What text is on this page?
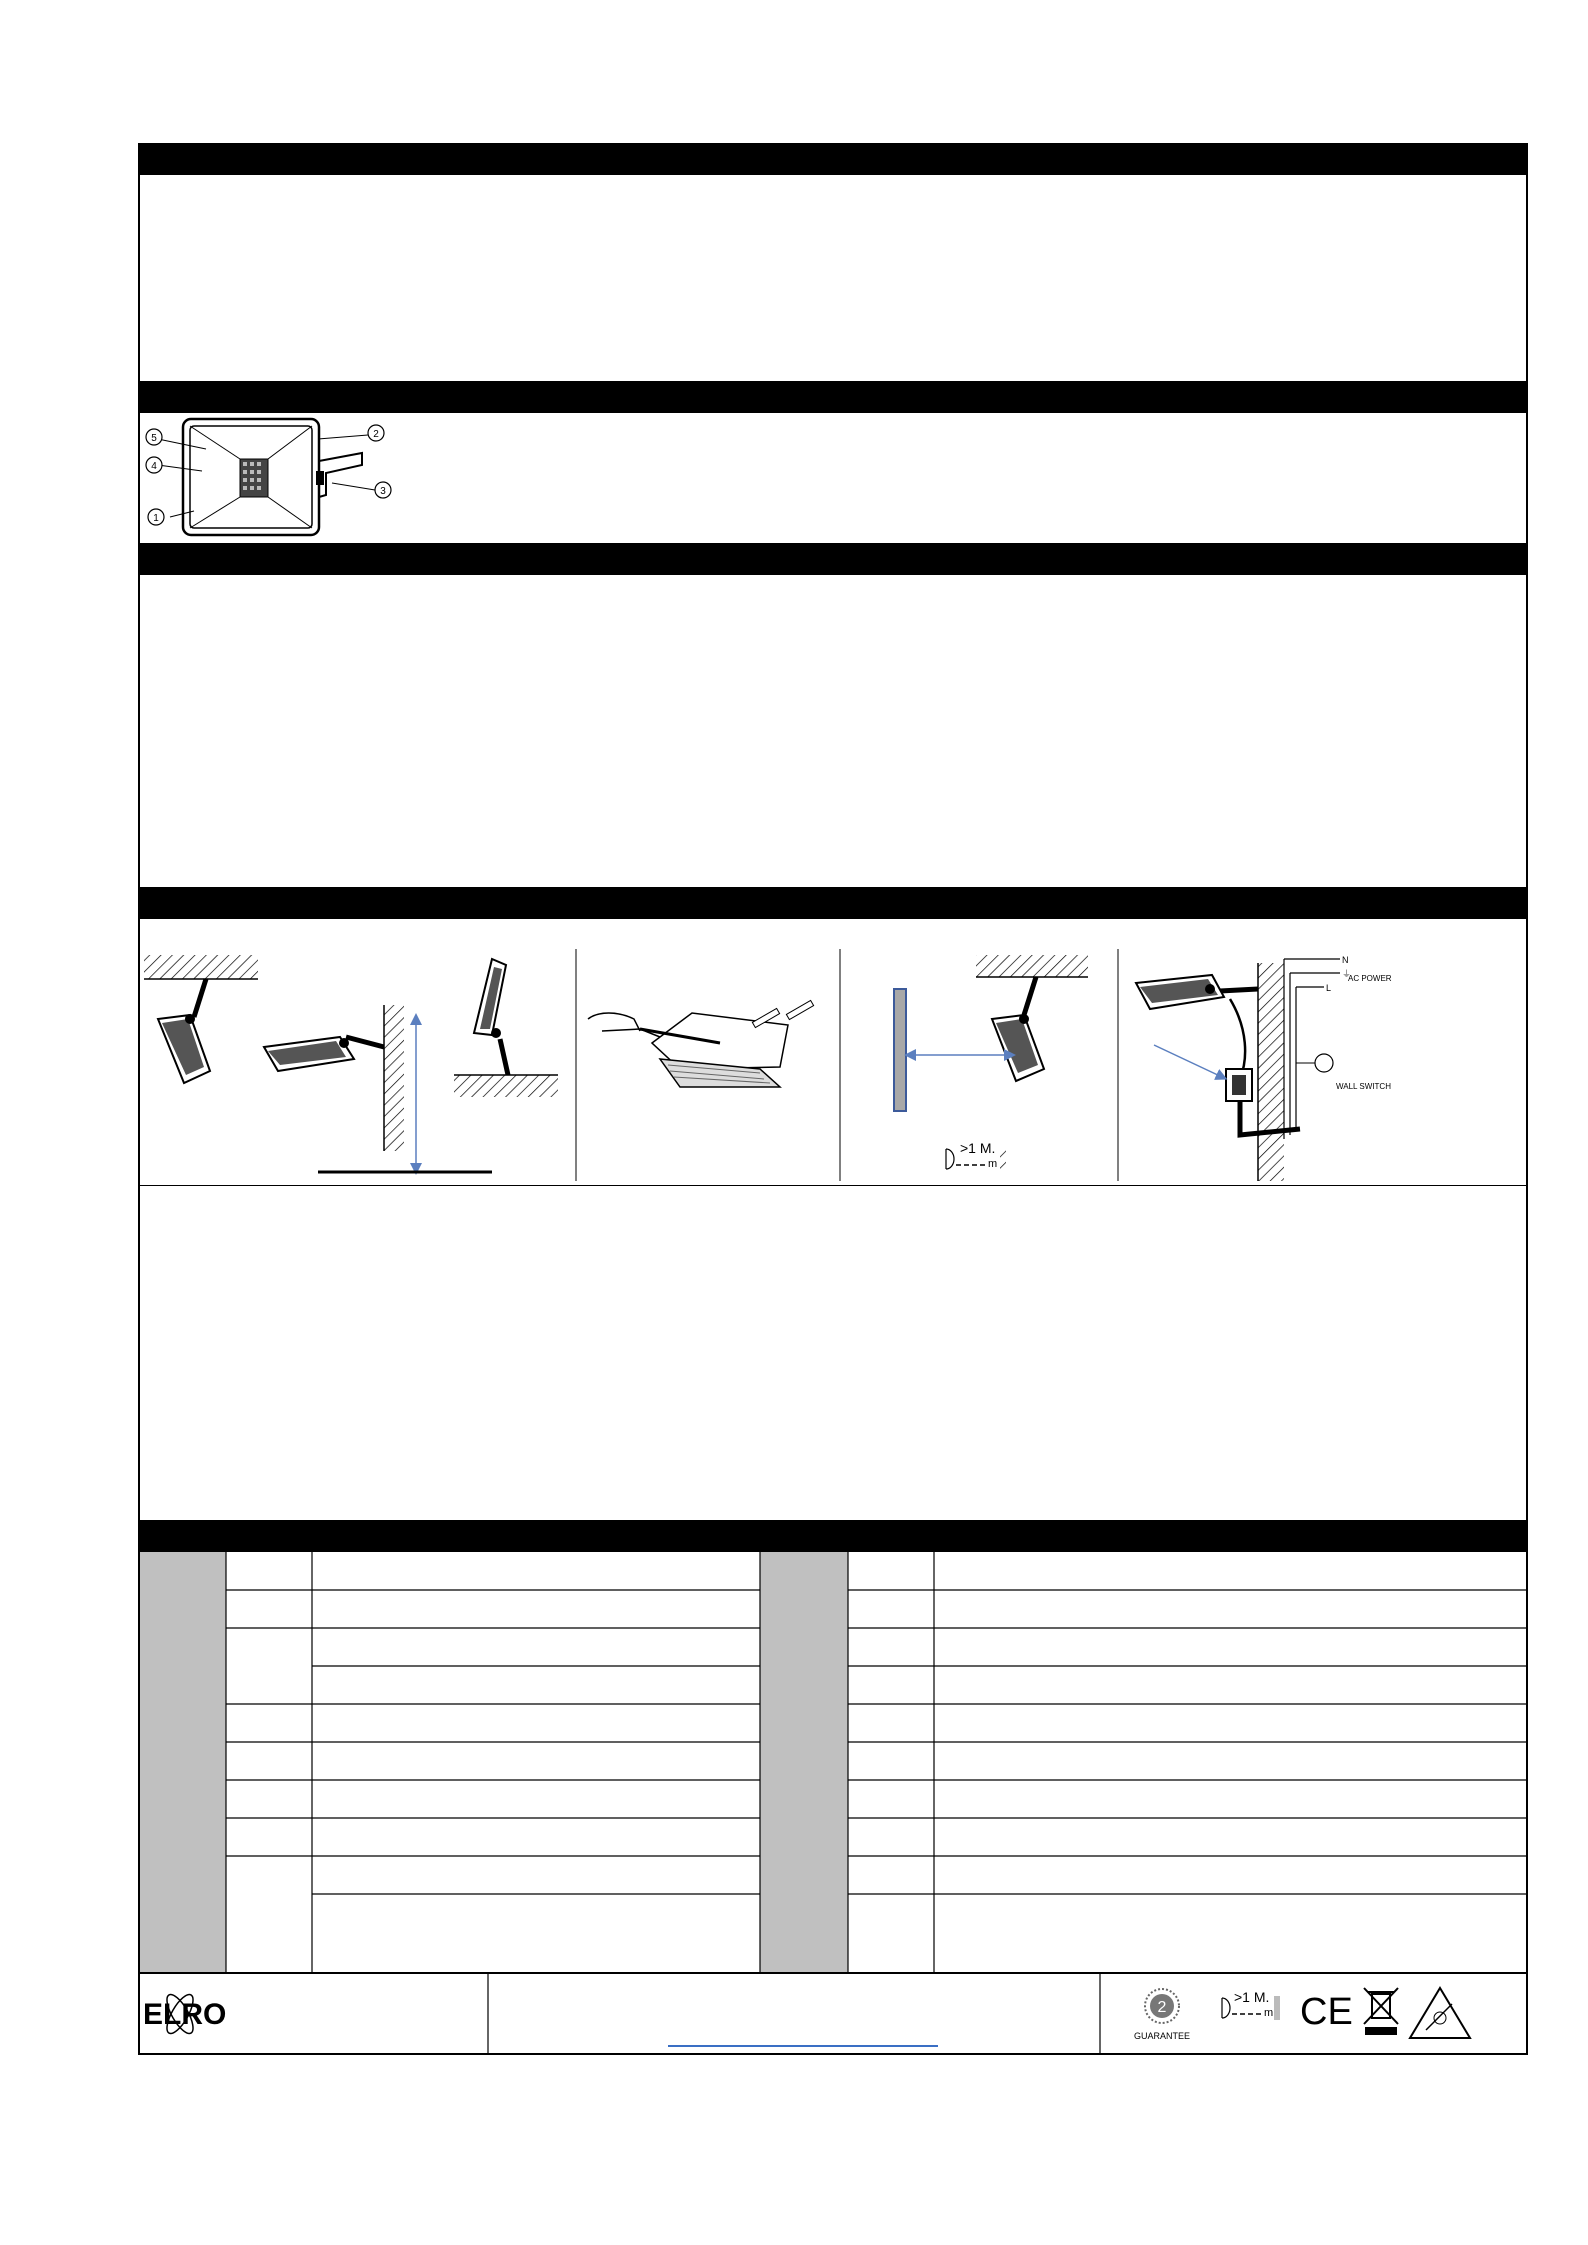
1
2
3
4
5
>1 M.
m
N
⏚
L
AC POWER
WALL SWITCH
ELRO	2
GUARANTEE
>1 M.
m CE
